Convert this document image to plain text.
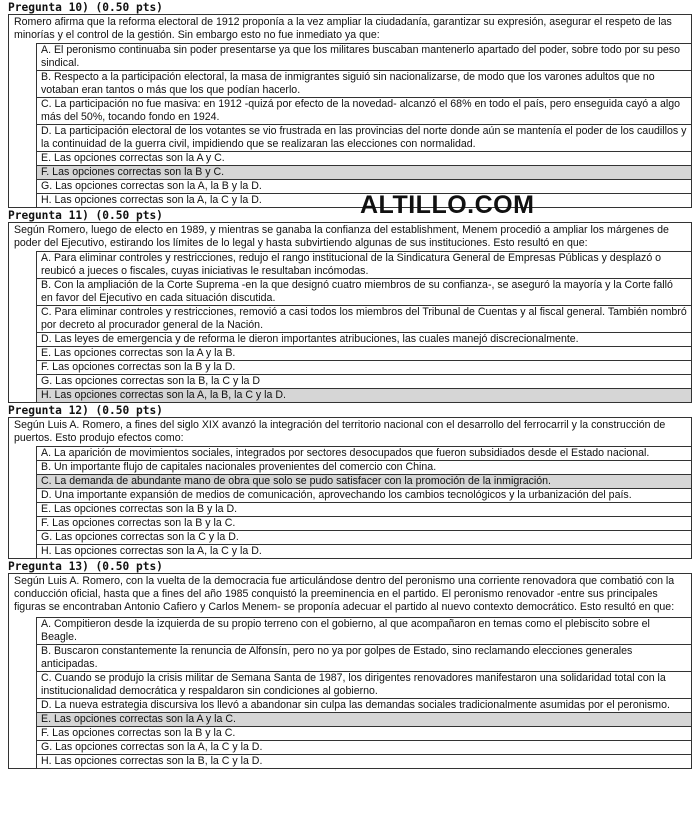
Pregunta 10) (0.50 pts)
Romero afirma que la reforma electoral de 1912 proponía a la vez ampliar la ciudadanía, garantizar su expresión, asegurar el respeto de las minorías y el control de la gestión. Sin embargo esto no fue inmediato ya que:
	A. El peronismo continuaba sin poder presentarse ya que los militares buscaban mantenerlo apartado del poder, sobre todo por su peso sindical.
	B. Respecto a la participación electoral, la masa de inmigrantes siguió sin nacionalizarse, de modo que los varones adultos que no votaban eran tantos o más que los que podían hacerlo.
	C. La participación no fue masiva: en 1912 -quizá por efecto de la novedad- alcanzó el 68% en todo el país, pero enseguida cayó a algo más del 50%, tocando fondo en 1924.
	D. La participación electoral de los votantes se vio frustrada en las provincias del norte donde aún se mantenía el poder de los caudillos y la continuidad de la guerra civil, impidiendo que se realizaran las elecciones con normalidad.
	E. Las opciones correctas son la A y C.
	F. Las opciones correctas son la B y C.
	G. Las opciones correctas son la A, la B y la D.
	H. Las opciones correctas son la A, la C y la D.
Pregunta 11) (0.50 pts)
Según Romero, luego de electo en 1989, y mientras se ganaba la confianza del establishment, Menem procedió a ampliar los márgenes de poder del Ejecutivo, estirando los límites de lo legal y hasta subvirtiendo algunas de sus instituciones. Esto resultó en que:
	A. Para eliminar controles y restricciones, redujo el rango institucional de la Sindicatura General de Empresas Públicas y desplazó o reubicó a jueces o fiscales, cuyas iniciativas le resultaban incómodas.
	B. Con la ampliación de la Corte Suprema -en la que designó cuatro miembros de su confianza-, se aseguró la mayoría y la Corte falló en favor del Ejecutivo en cada situación discutida.
	C. Para eliminar controles y restricciones, removió a casi todos los miembros del Tribunal de Cuentas y al fiscal general. También nombró por decreto al procurador general de la Nación.
	D. Las leyes de emergencia y de reforma le dieron importantes atribuciones, las cuales manejó discrecionalmente.
	E. Las opciones correctas son la A y la B.
	F. Las opciones correctas son la B y la D.
	G. Las opciones correctas son la B, la C y la D
	H. Las opciones correctas son la A, la B, la C y la D.
Pregunta 12) (0.50 pts)
Según Luis A. Romero, a fines del siglo XIX avanzó la integración del territorio nacional con el desarrollo del ferrocarril y la construcción de puertos. Esto produjo efectos como:
	A. La aparición de movimientos sociales, integrados por sectores desocupados que fueron subsidiados desde el Estado nacional.
	B. Un importante flujo de capitales nacionales provenientes del comercio con China.
	C. La demanda de abundante mano de obra que solo se pudo satisfacer con la promoción de la inmigración.
	D. Una importante expansión de medios de comunicación, aprovechando los cambios tecnológicos y la urbanización del país.
	E. Las opciones correctas son la B y la D.
	F. Las opciones correctas son la B y la C.
	G. Las opciones correctas son la C y la D.
	H. Las opciones correctas son la A, la C y la D.
Pregunta 13) (0.50 pts)
Según Luis A. Romero, con la vuelta de la democracia fue articulándose dentro del peronismo una corriente renovadora que combatió con la conducción oficial, hasta que a fines del año 1985 conquistó la preeminencia en el partido. El peronismo renovador -entre sus principales figuras se encontraban Antonio Cafiero y Carlos Menem- se proponía adecuar el partido al nuevo contexto democrático. Esto resultó en que:
	A. Compitieron desde la izquierda de su propio terreno con el gobierno, al que acompañaron en temas como el plebiscito sobre el Beagle.
	B. Buscaron constantemente la renuncia de Alfonsín, pero no ya por golpes de Estado, sino reclamando elecciones generales anticipadas.
	C. Cuando se produjo la crisis militar de Semana Santa de 1987, los dirigentes renovadores manifestaron una solidaridad total con la institucionalidad democrática y respaldaron sin condiciones al gobierno.
	D. La nueva estrategia discursiva los llevó a abandonar sin culpa las demandas sociales tradicionalmente asumidas por el peronismo.
	E. Las opciones correctas son la A y la C.
	F. Las opciones correctas son la B y la C.
	G. Las opciones correctas son la A, la C y la D.
	H. Las opciones correctas son la B, la C y la D.
ALTILLO.COM
